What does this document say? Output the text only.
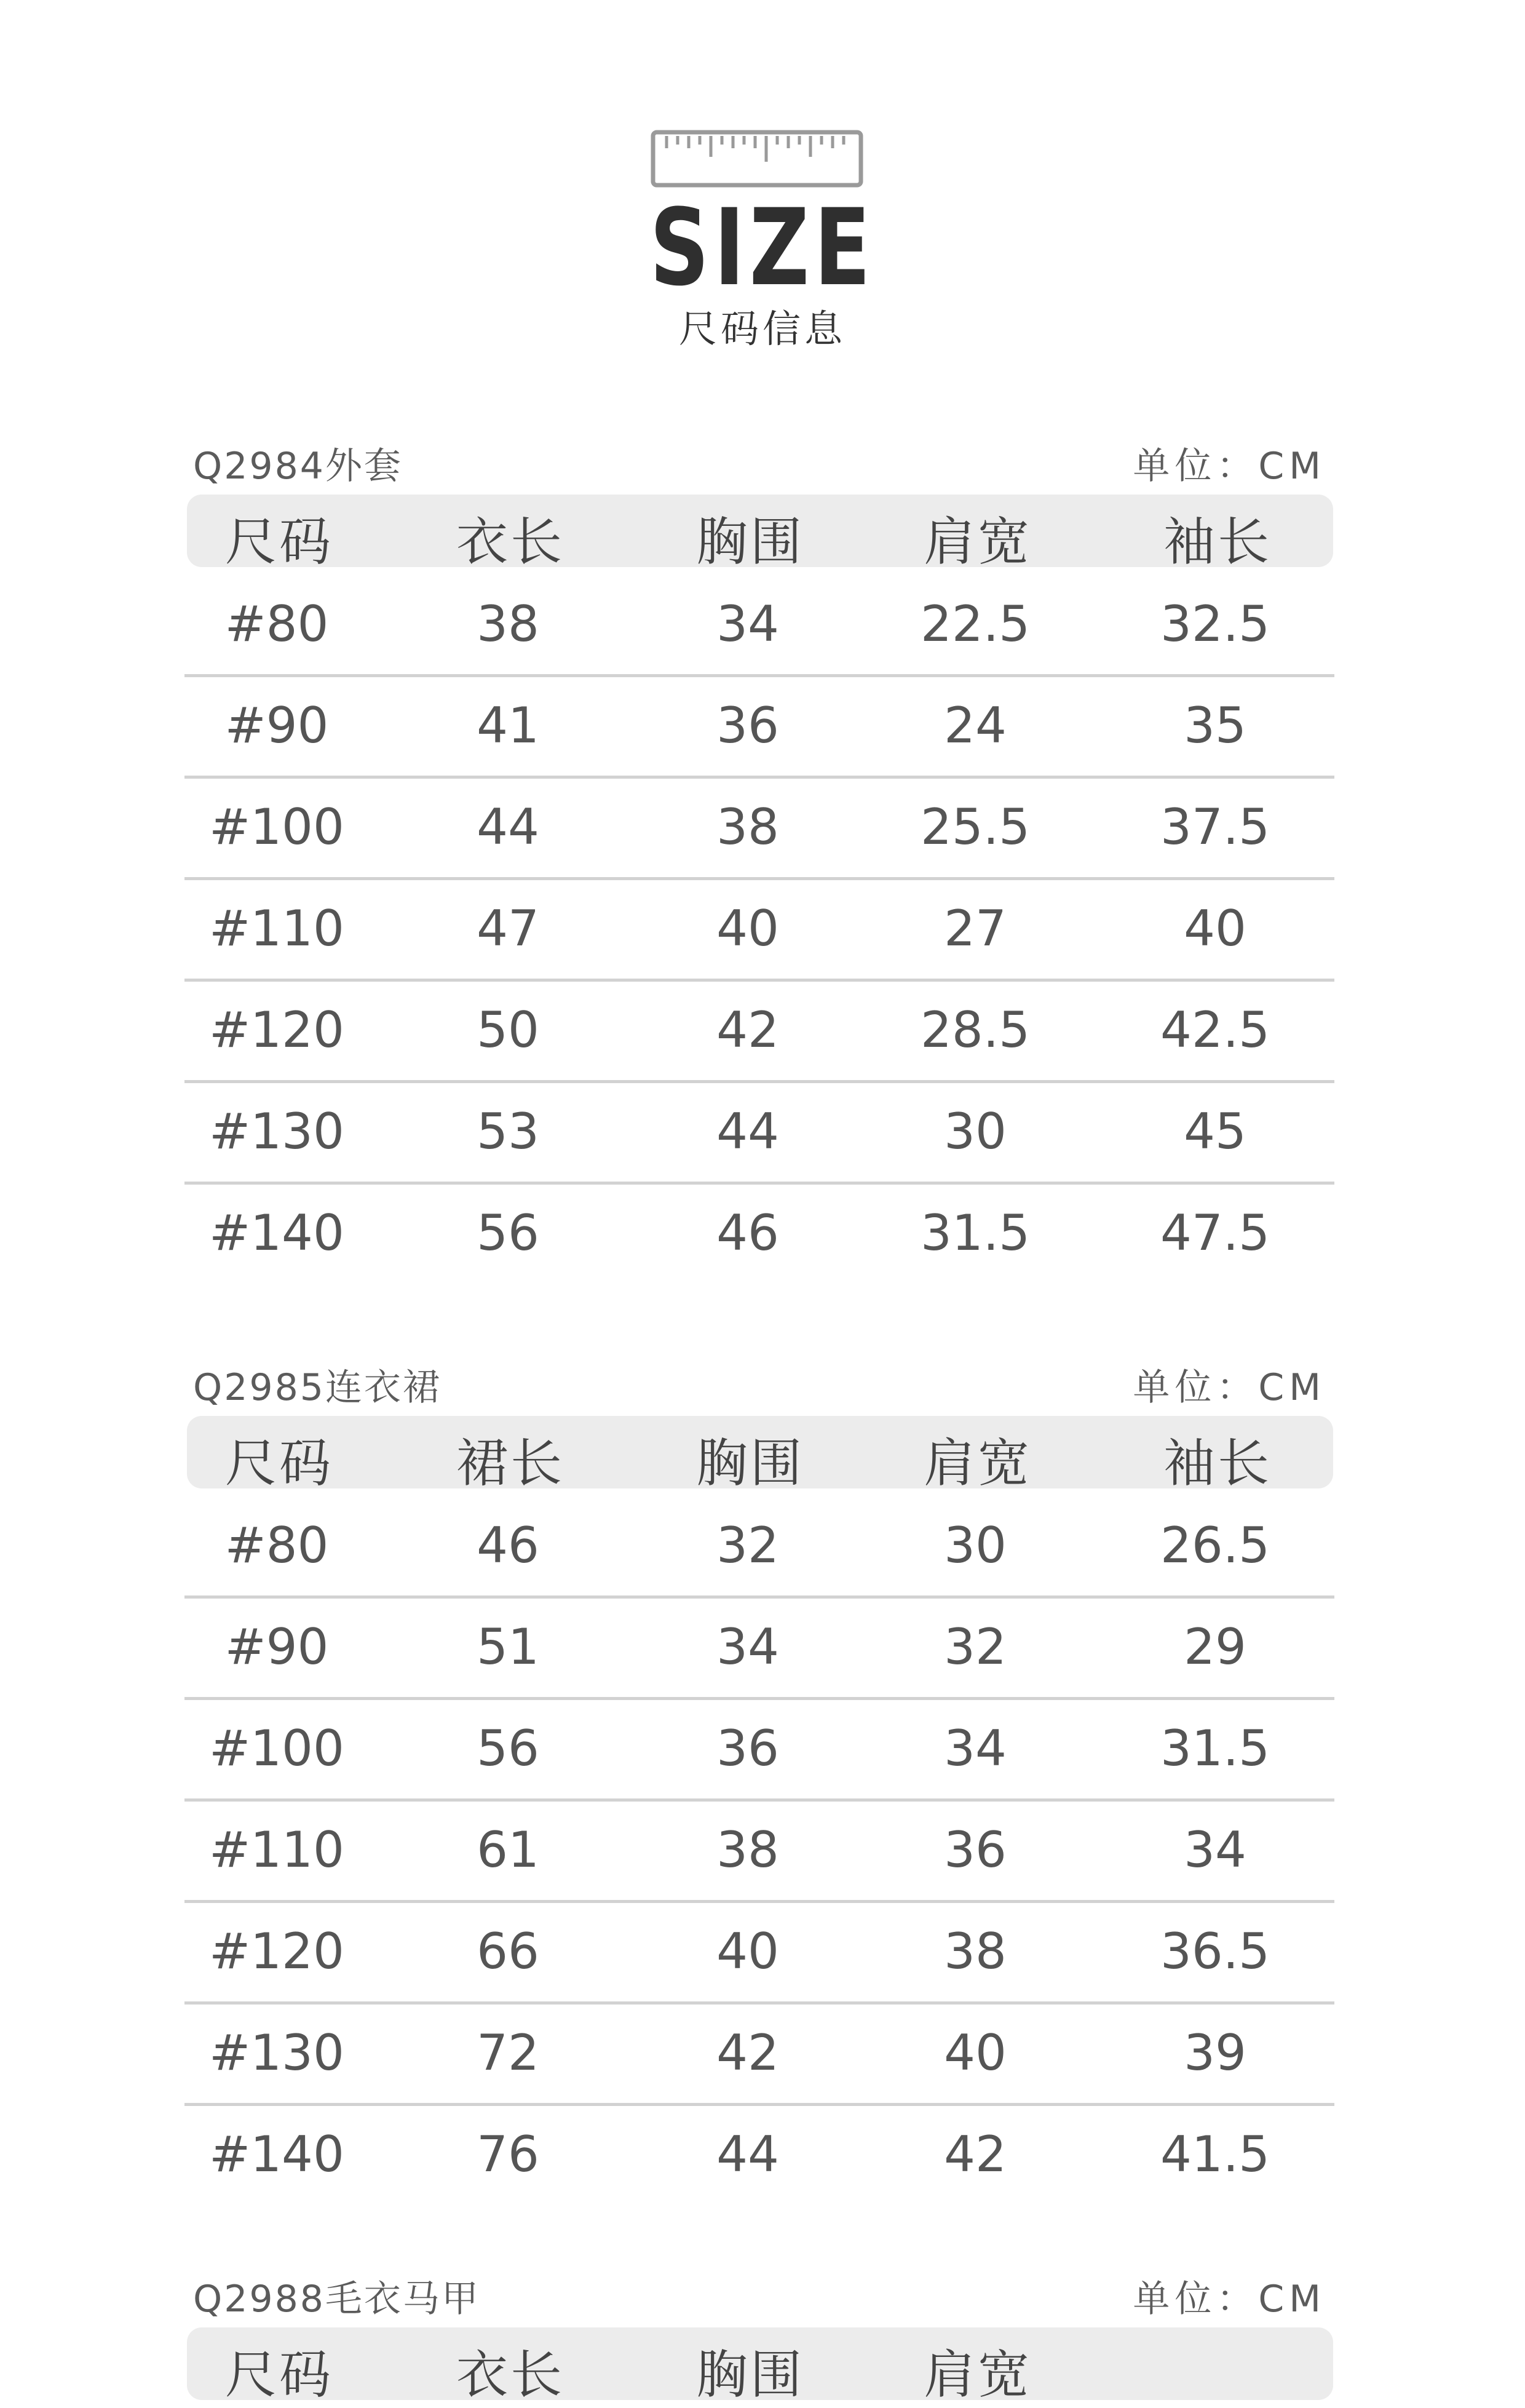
SIZE
尺码信息
Q2984外套	单位：CM
尺码	衣长	胸围	肩宽	袖长
#80	38	34	22.5	32.5
#90	41	36	24	35
#100	44	38	25.5	37.5
#110	47	40	27	40
#120	50	42	28.5	42.5
#130	53	44	30	45
#140	56	46	31.5	47.5
Q2985连衣裙	单位：CM
尺码	裙长	胸围	肩宽	袖长
#80	46	32	30	26.5
#90	51	34	32	29
#100	56	36	34	31.5
#110	61	38	36	34
#120	66	40	38	36.5
#130	72	42	40	39
#140	76	44	42	41.5
Q2988毛衣马甲	单位：CM
尺码	衣长	胸围	肩宽
